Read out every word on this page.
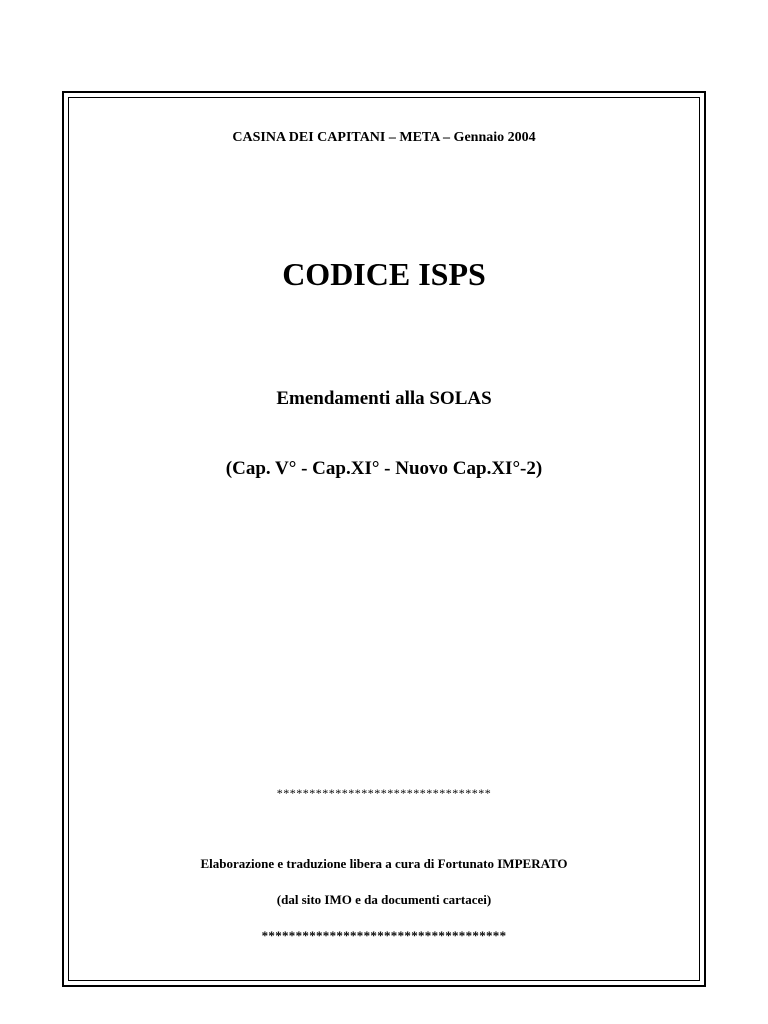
CASINA DEI CAPITANI – META – Gennaio 2004
CODICE ISPS
Emendamenti alla SOLAS
(Cap. V° - Cap.XI° - Nuovo Cap.XI°-2)
*********************************
Elaborazione e traduzione libera a cura di Fortunato IMPERATO
(dal sito IMO e da documenti cartacei)
************************************
